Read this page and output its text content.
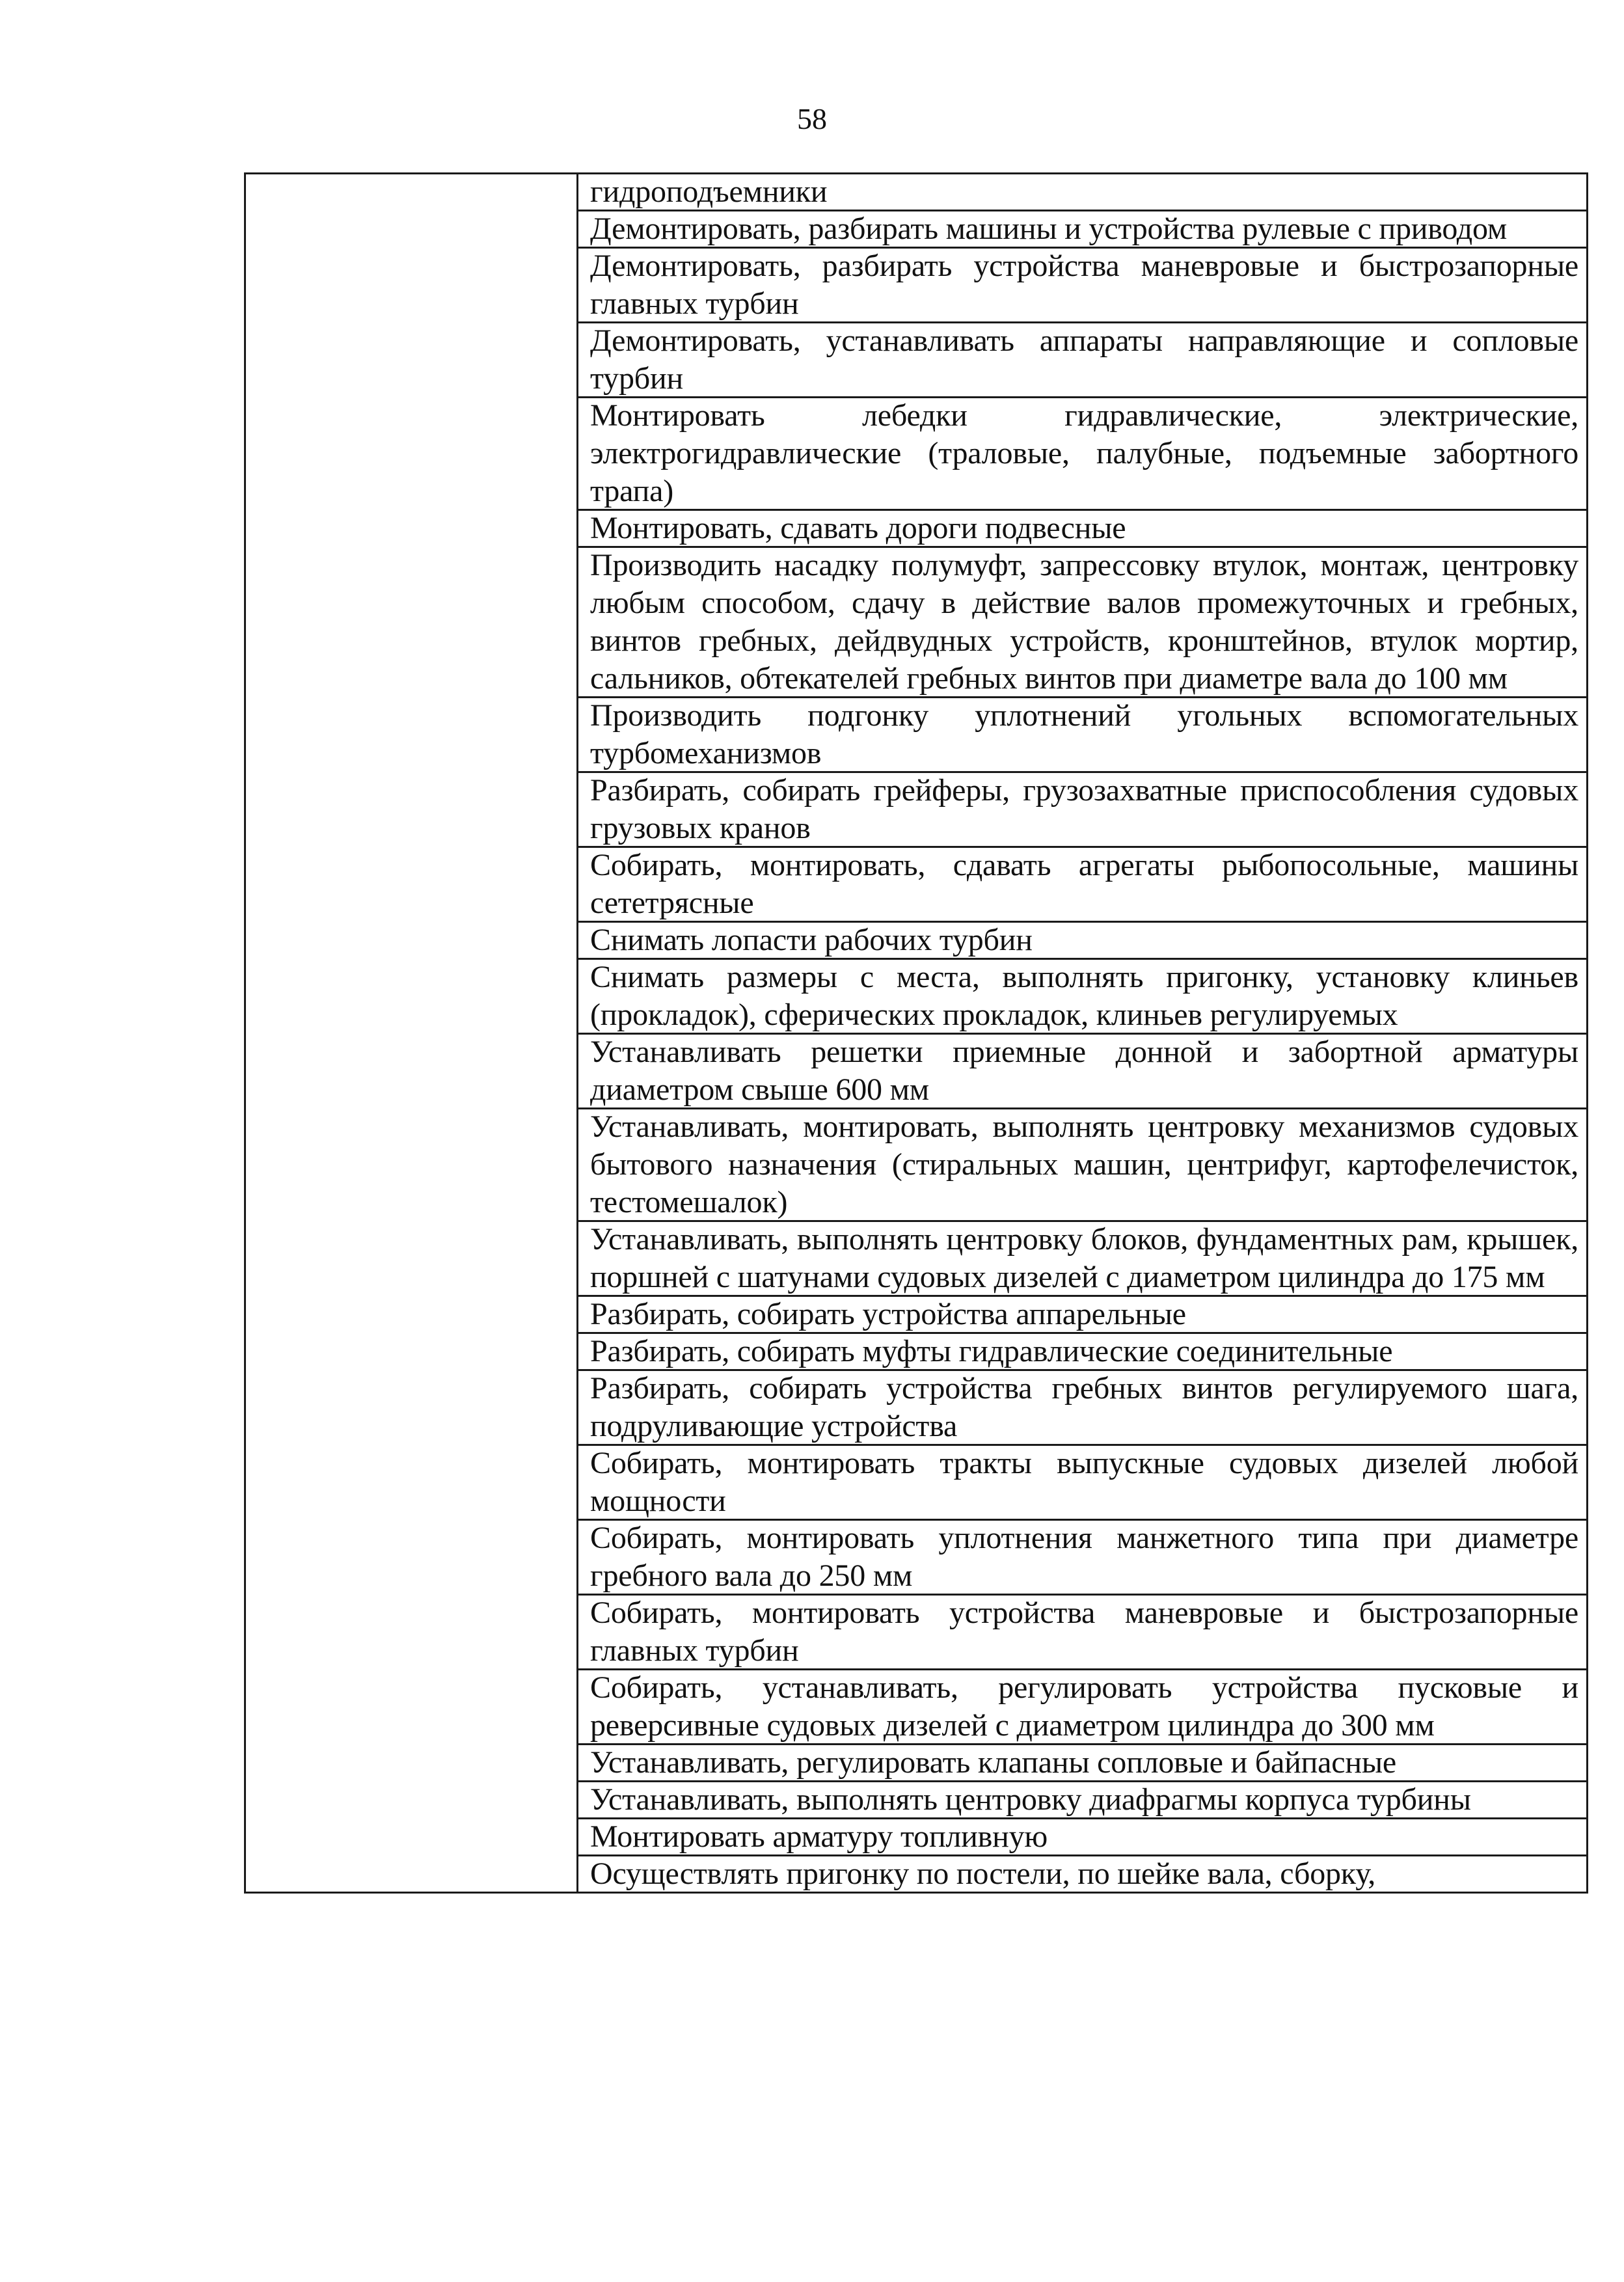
58

гидроподъемники

Демонтировать, разбирать машины и устройства рулевые с приводом

Демонтировать, разбирать устройства маневровые и быстрозапорные главных турбин

Демонтировать, устанавливать аппараты направляющие и сопловые турбин

Монтировать лебедки гидравлические, электрические, электрогидравлические (траловые, палубные, подъемные забортного трапа)

Монтировать, сдавать дороги подвесные

Производить насадку полумуфт, запрессовку втулок, монтаж, центровку любым способом, сдачу в действие валов промежуточных и гребных, винтов гребных, дейдвудных устройств, кронштейнов, втулок мортир, сальников, обтекателей гребных винтов при диаметре вала до 100 мм

Производить подгонку уплотнений угольных вспомогательных турбомеханизмов

Разбирать, собирать грейферы, грузозахватные приспособления судовых грузовых кранов

Собирать, монтировать, сдавать агрегаты рыбопосольные, машины сететрясные

Снимать лопасти рабочих турбин

Снимать размеры с места, выполнять пригонку, установку клиньев (прокладок), сферических прокладок, клиньев регулируемых

Устанавливать решетки приемные донной и забортной арматуры диаметром свыше 600 мм

Устанавливать, монтировать, выполнять центровку механизмов судовых бытового назначения (стиральных машин, центрифуг, картофелечисток, тестомешалок)

Устанавливать, выполнять центровку блоков, фундаментных рам, крышек, поршней с шатунами судовых дизелей с диаметром цилиндра до 175 мм

Разбирать, собирать устройства аппарельные

Разбирать, собирать муфты гидравлические соединительные

Разбирать, собирать устройства гребных винтов регулируемого шага, подруливающие устройства

Собирать, монтировать тракты выпускные судовых дизелей любой мощности

Собирать, монтировать уплотнения манжетного типа при диаметре гребного вала до 250 мм

Собирать, монтировать устройства маневровые и быстрозапорные главных турбин

Собирать, устанавливать, регулировать устройства пусковые и реверсивные судовых дизелей с диаметром цилиндра до 300 мм

Устанавливать, регулировать клапаны сопловые и байпасные

Устанавливать, выполнять центровку диафрагмы корпуса турбины

Монтировать арматуру топливную

Осуществлять пригонку по постели, по шейке вала, сборку,
